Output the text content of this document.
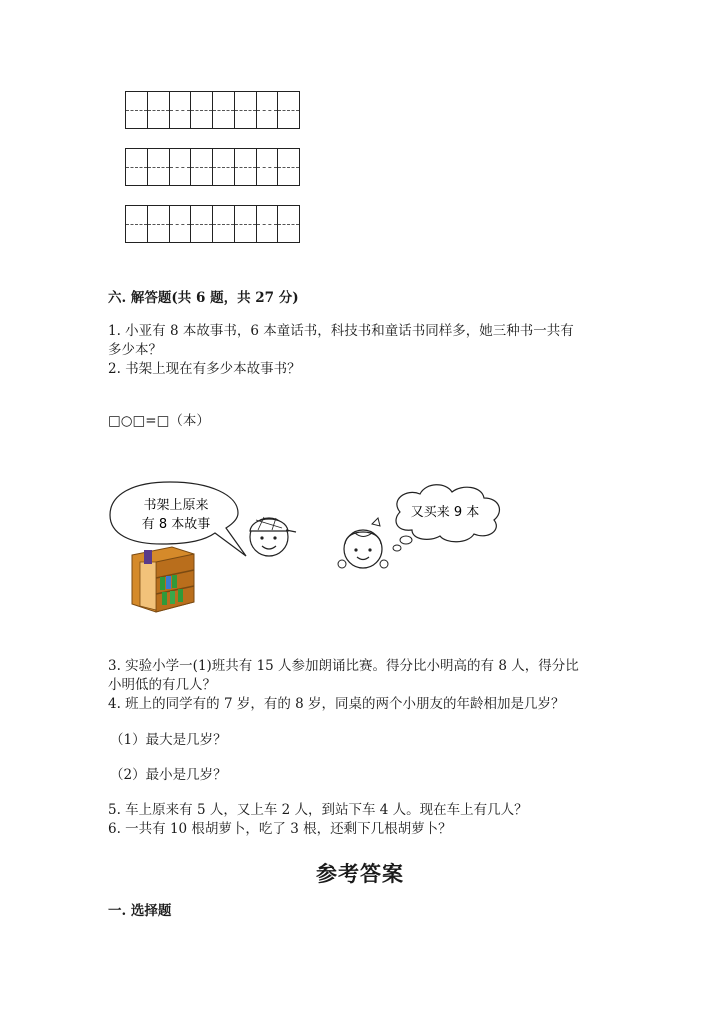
六. 解答题(共 6 题，共 27 分)
1. 小亚有 8 本故事书，6 本童话书，科技书和童话书同样多，她三种书一共有
多少本？
2. 书架上现在有多少本故事书？
□○□=□（本）
书架上原来
有 8 本故事
又买来 9 本
3. 实验小学一(1)班共有 15 人参加朗诵比赛。得分比小明高的有 8 人，得分比
小明低的有几人？
4. 班上的同学有的 7 岁，有的 8 岁，同桌的两个小朋友的年龄相加是几岁？
（1）最大是几岁？
（2）最小是几岁？
5. 车上原来有 5 人，又上车 2 人，到站下车 4 人。现在车上有几人？
6. 一共有 10 根胡萝卜，吃了 3 根，还剩下几根胡萝卜？
参考答案
一. 选择题
